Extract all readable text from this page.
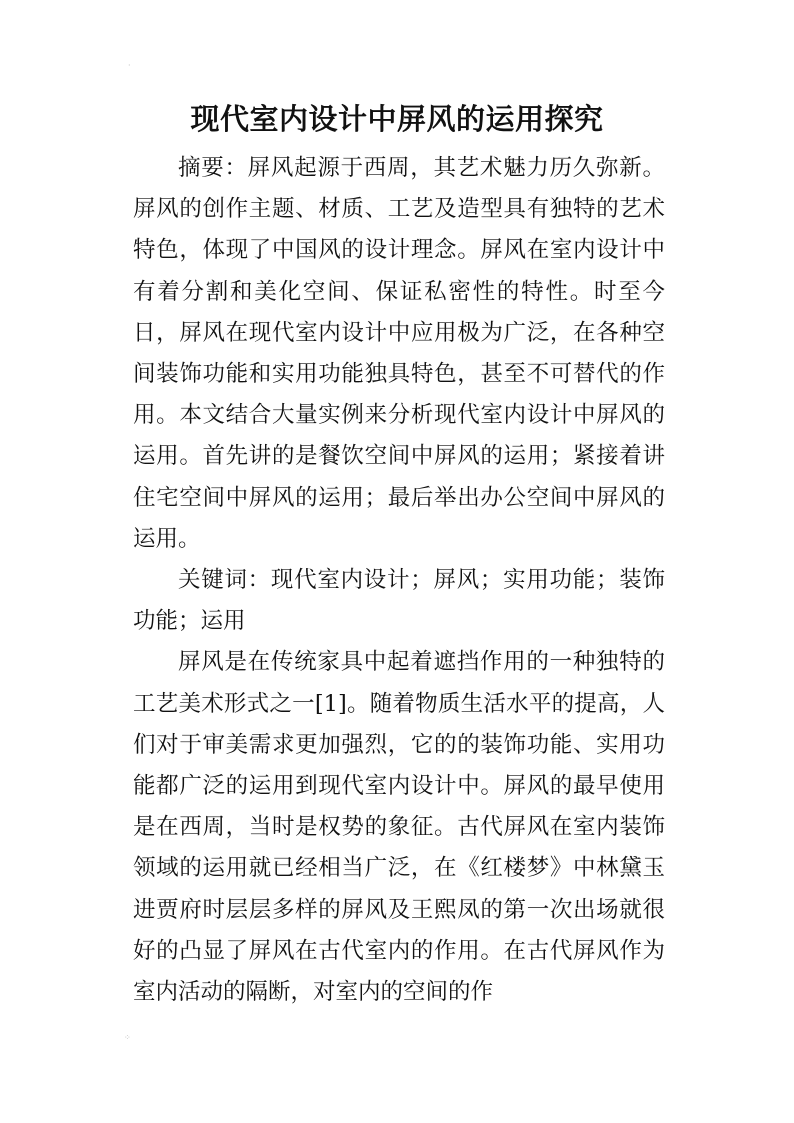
·
⁘
现代室内设计中屏风的运用探究

摘要：屏风起源于西周，其艺术魅力历久弥新。屏风的创作主题、材质、工艺及造型具有独特的艺术特色，体现了中国风的设计理念。屏风在室内设计中有着分割和美化空间、保证私密性的特性。时至今日，屏风在现代室内设计中应用极为广泛，在各种空间装饰功能和实用功能独具特色，甚至不可替代的作用。本文结合大量实例来分析现代室内设计中屏风的运用。首先讲的是餐饮空间中屏风的运用；紧接着讲住宅空间中屏风的运用；最后举出办公空间中屏风的运用。

关键词：现代室内设计；屏风；实用功能；装饰功能；运用

屏风是在传统家具中起着遮挡作用的一种独特的工艺美术形式之一[1]。随着物质生活水平的提高，人们对于审美需求更加强烈，它的的装饰功能、实用功能都广泛的运用到现代室内设计中。屏风的最早使用是在西周，当时是权势的象征。古代屏风在室内装饰领域的运用就已经相当广泛，在《红楼梦》中林黛玉进贾府时层层多样的屏风及王熙凤的第一次出场就很好的凸显了屏风在古代室内的作用。在古代屏风作为室内活动的隔断，对室内的空间的作
